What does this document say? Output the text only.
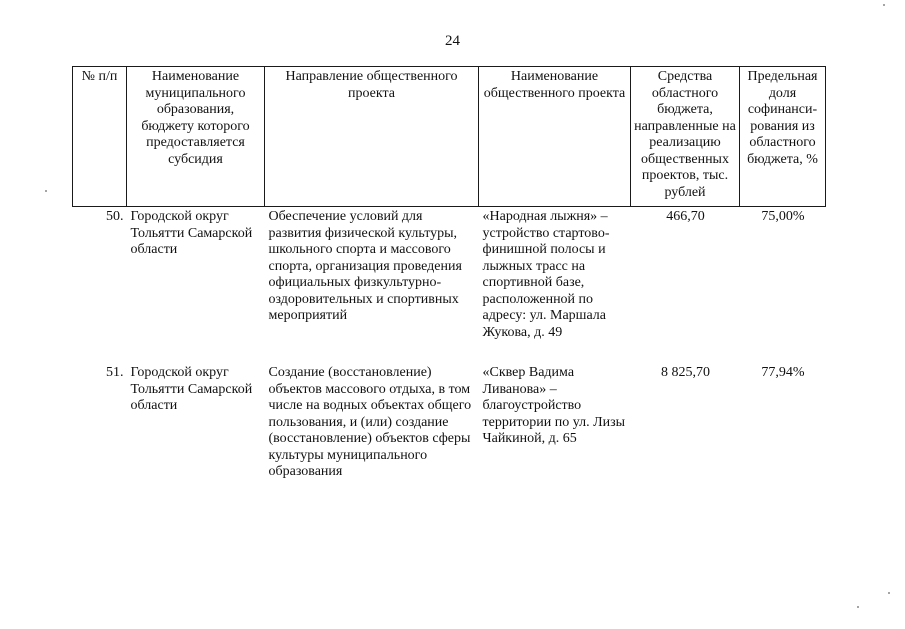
24
№ п/п	Наименование муниципального образования, бюджету которого предоставляется субсидия	Направление общественного проекта	Наименование общественного проекта	Средства областного бюджета, направленные на реализацию общественных проектов, тыс. рублей	Предельная доля софинанси-рования из областного бюджета, %
50.	Городской округ Тольятти Самарской области	Обеспечение условий для развития физической культуры, школьного спорта и массового спорта, организация проведения официальных физкультурно-оздоровительных и спортивных мероприятий	«Народная лыжня» – устройство стартово-финишной полосы и лыжных трасс на спортивной базе, расположенной по адресу: ул. Маршала Жукова, д. 49	466,70	75,00%
51.	Городской округ Тольятти Самарской области	Создание (восстановление) объектов массового отдыха, в том числе на водных объектах общего пользования, и (или) создание (восстановление) объектов сферы культуры муниципального образования	«Сквер Вадима Ливанова» – благоустройство территории по ул. Лизы Чайкиной, д. 65	8 825,70	77,94%
